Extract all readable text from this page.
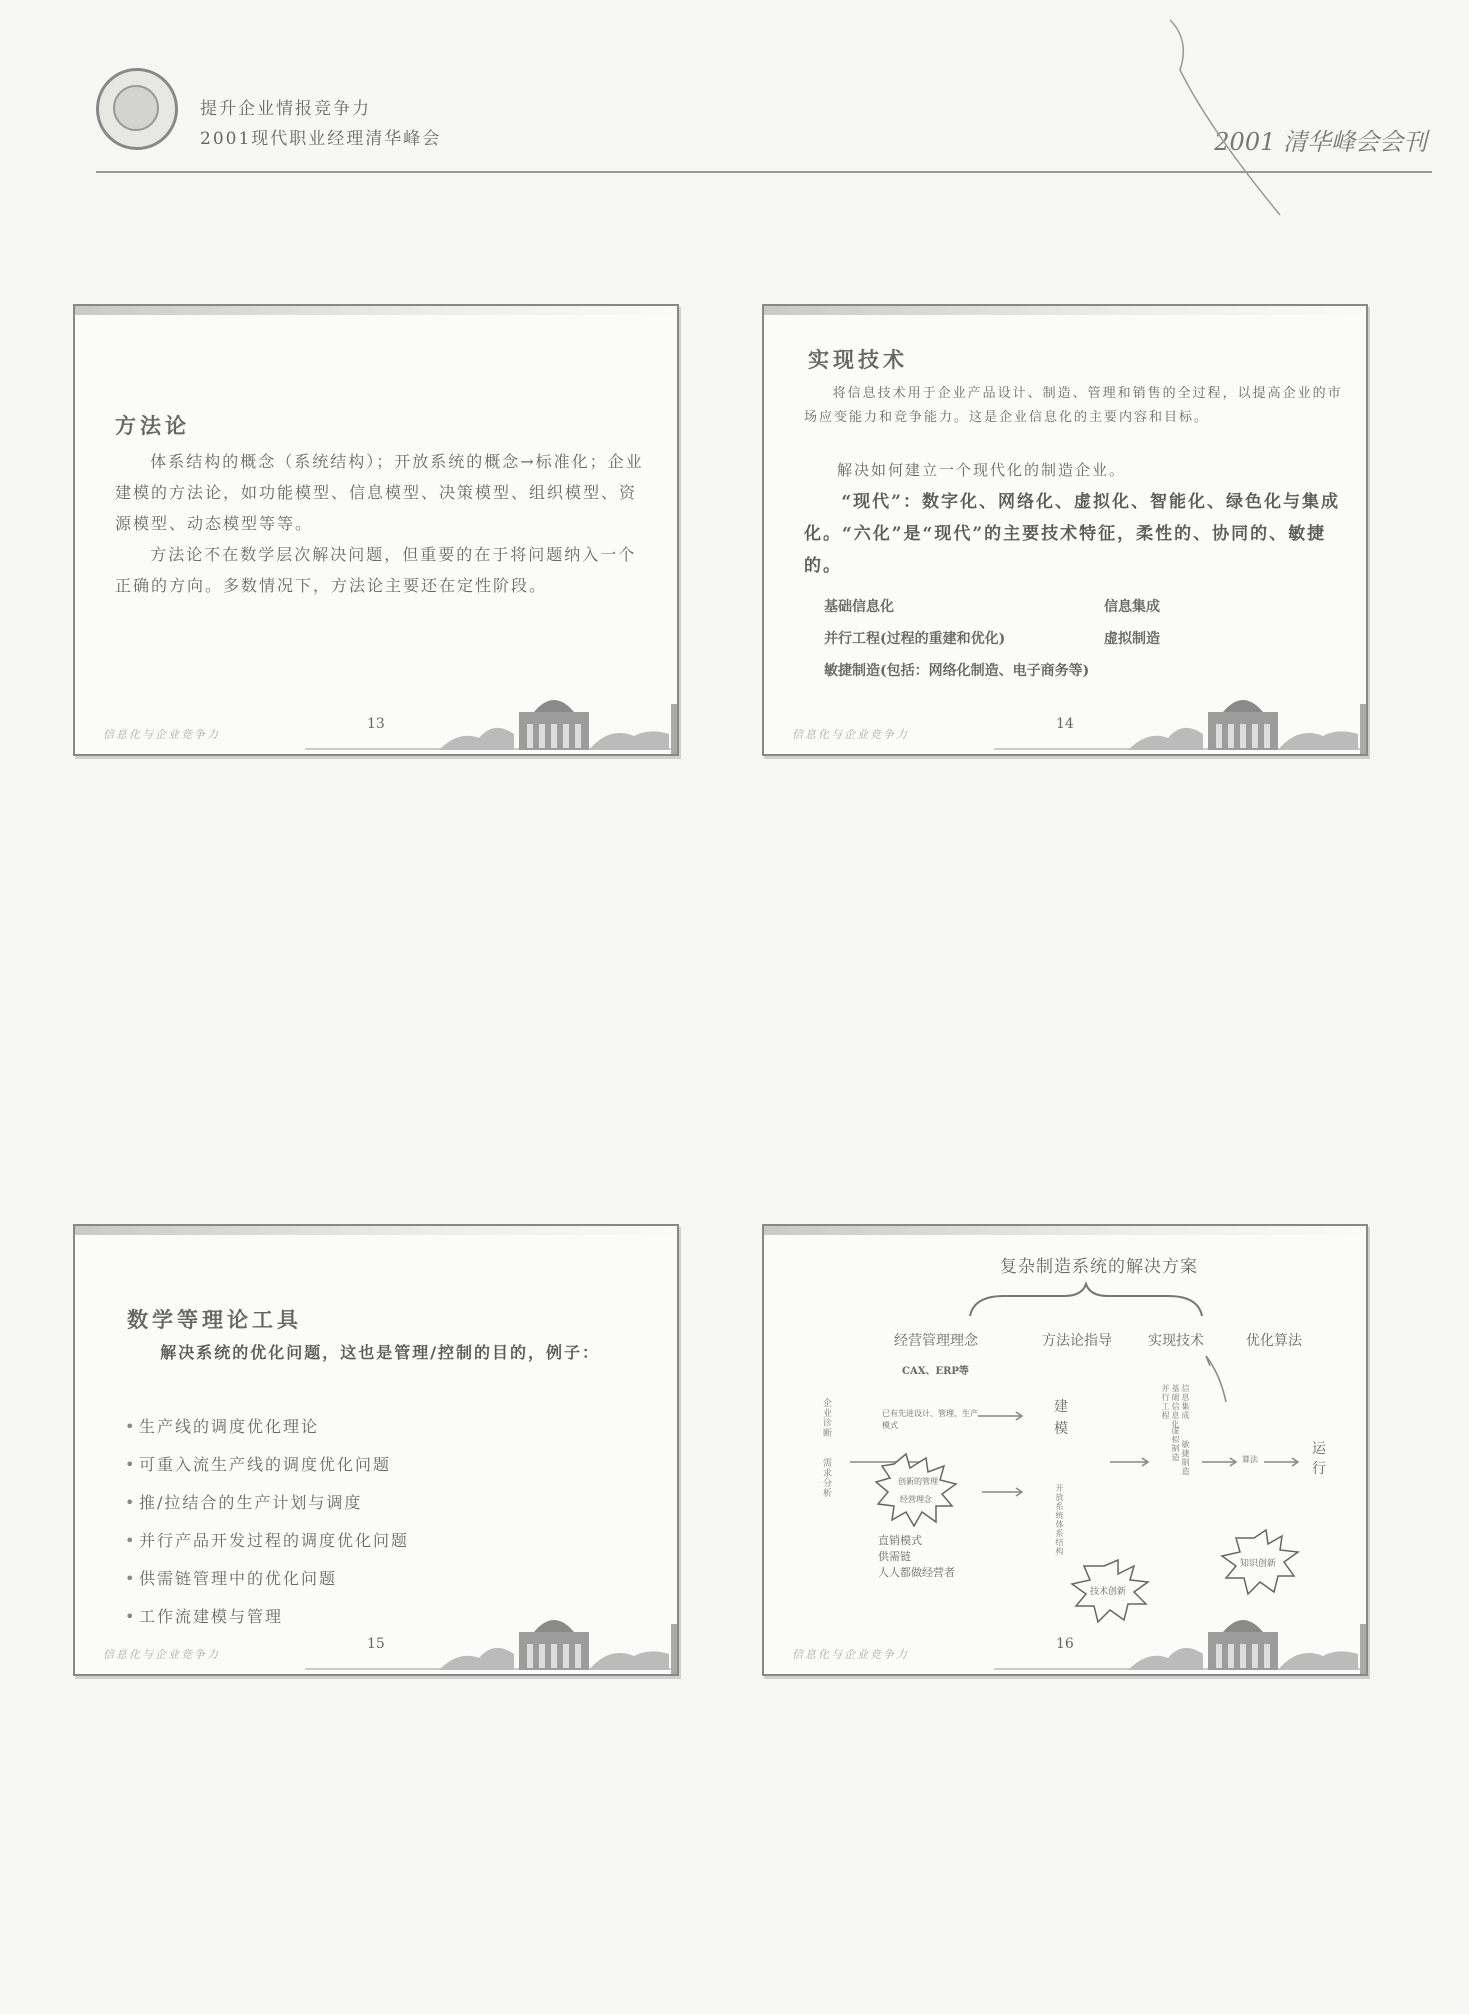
提升企业情报竞争力
2001现代职业经理清华峰会	2001 清华峰会会刊
方法论

体系结构的概念（系统结构）；开放系统的概念→标准化；企业建模的方法论，如功能模型、信息模型、决策模型、组织模型、资源模型、动态模型等等。

方法论不在数学层次解决问题，但重要的在于将问题纳入一个正确的方向。多数情况下，方法论主要还在定性阶段。

信息化与企业竞争力
13
实现技术

将信息技术用于企业产品设计、制造、管理和销售的全过程，以提高企业的市场应变能力和竞争能力。这是企业信息化的主要内容和目标。

解决如何建立一个现代化的制造企业。

“现代”：数字化、网络化、虚拟化、智能化、绿色化与集成化。“六化”是“现代”的主要技术特征，柔性的、协同的、敏捷的。

基础信息化	信息集成
并行工程(过程的重建和优化)	虚拟制造
敏捷制造(包括：网络化制造、电子商务等)
信息化与企业竞争力
14
数学等理论工具

解决系统的优化问题，这也是管理/控制的目的，例子：

• 生产线的调度优化理论
• 可重入流生产线的调度优化问题
• 推/拉结合的生产计划与调度
• 并行产品开发过程的调度优化问题
• 供需链管理中的优化问题
• 工作流建模与管理
信息化与企业竞争力
15
复杂制造系统的解决方案
经营管理理念	方法论指导	实现技术	优化算法
CAX、ERP等
企业诊断
需求分析
已有先进设计、管理、生产模式
创新的管理
经营理念
直销模式
供需链
人人都做经营者
建
模
开放系统体系结构
并行工程
虚拟制造 敏捷制造
基础信息化 信息集成
算法
运
行
技术创新
知识创新
信息化与企业竞争力
16
